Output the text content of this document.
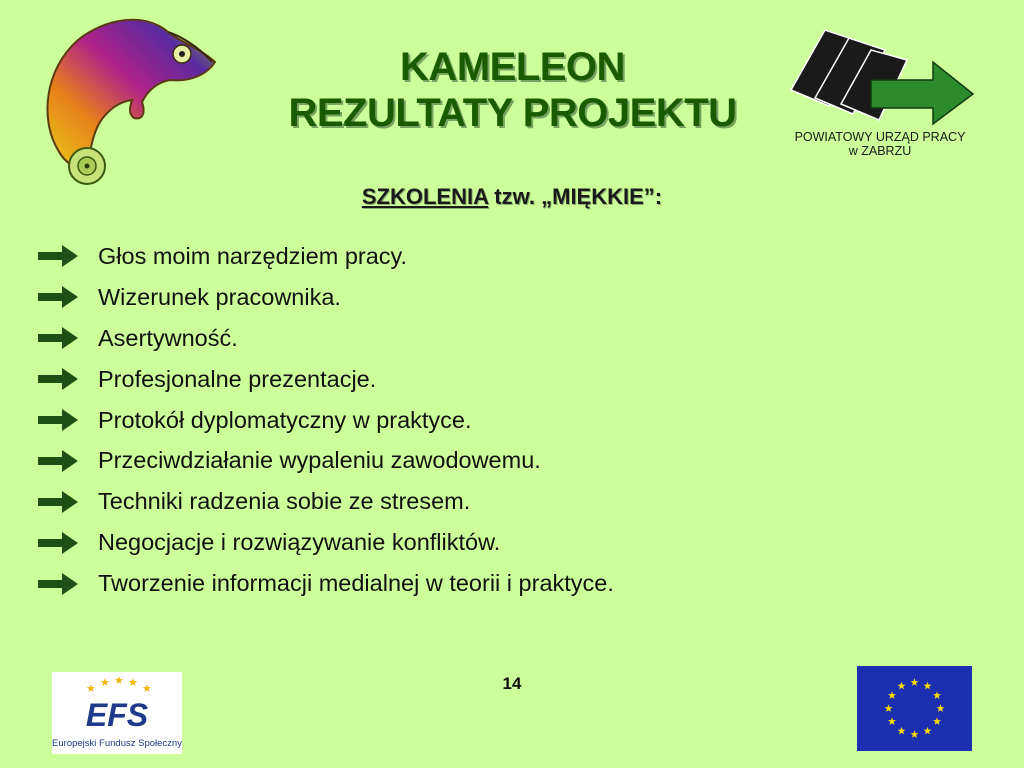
KAMELEON
REZULTATY PROJEKTU
POWIATOWY URZĄD PRACY
w ZABRZU
SZKOLENIA tzw. „MIĘKKIE”:
Głos moim narzędziem pracy.
Wizerunek pracownika.
Asertywność.
Profesjonalne prezentacje.
Protokół dyplomatyczny w praktyce.
Przeciwdziałanie wypaleniu zawodowemu.
Techniki radzenia sobie ze stresem.
Negocjacje i rozwiązywanie konfliktów.
Tworzenie informacji medialnej w teorii i praktyce.
★ ★ ★ ★ ★
EFS
Europejski Fundusz Społeczny
14
